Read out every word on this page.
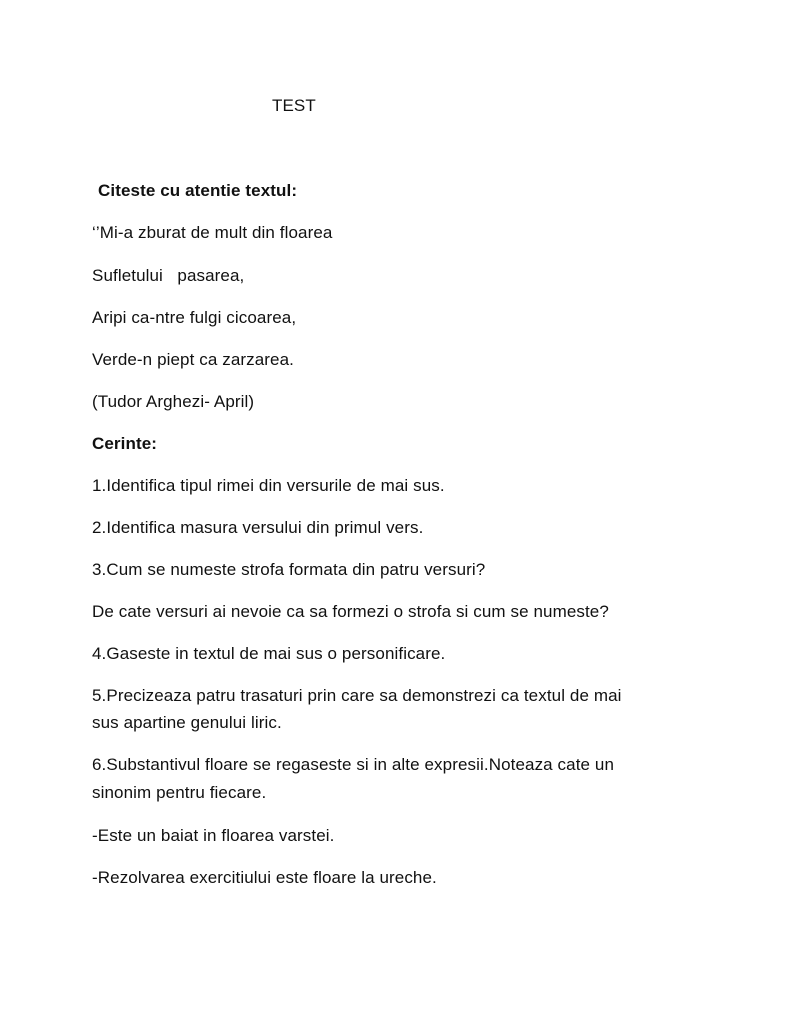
TEST
Citeste cu atentie textul:
‘’Mi-a zburat de mult din floarea
Sufletului   pasarea,
Aripi ca-ntre fulgi cicoarea,
Verde-n piept ca zarzarea.
(Tudor Arghezi- April)
Cerinte:
1.Identifica tipul rimei din versurile de mai sus.
2.Identifica masura versului din primul vers.
3.Cum se numeste strofa formata din patru versuri?
De cate versuri ai nevoie ca sa formezi o strofa si cum se numeste?
4.Gaseste in textul de mai sus o personificare.
5.Precizeaza patru trasaturi prin care sa demonstrezi ca textul de mai
sus apartine genului liric.
6.Substantivul floare se regaseste si in alte expresii.Noteaza cate un
sinonim pentru fiecare.
-Este un baiat in floarea varstei.
-Rezolvarea exercitiului este floare la ureche.
